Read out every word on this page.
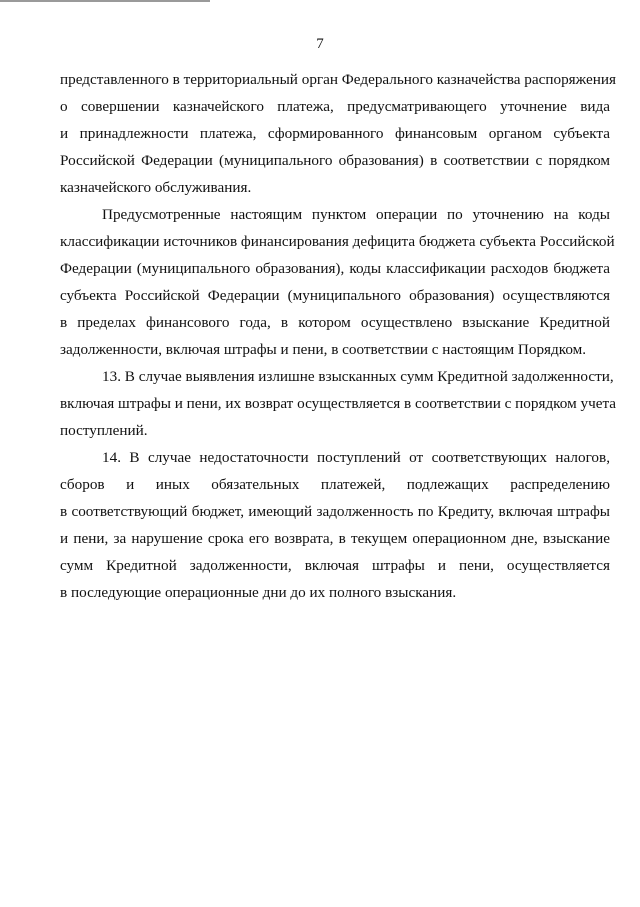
7
представленного в территориальный орган Федерального казначейства распоряжения
о совершении казначейского платежа, предусматривающего уточнение вида
и принадлежности платежа, сформированного финансовым органом субъекта
Российской Федерации (муниципального образования) в соответствии с порядком
казначейского обслуживания.
Предусмотренные настоящим пунктом операции по уточнению на коды
классификации источников финансирования дефицита бюджета субъекта Российской
Федерации (муниципального образования), коды классификации расходов бюджета
субъекта Российской Федерации (муниципального образования) осуществляются
в пределах финансового года, в котором осуществлено взыскание Кредитной
задолженности, включая штрафы и пени, в соответствии с настоящим Порядком.
13. В случае выявления излишне взысканных сумм Кредитной задолженности,
включая штрафы и пени, их возврат осуществляется в соответствии с порядком учета
поступлений.
14. В случае недостаточности поступлений от соответствующих налогов,
сборов и иных обязательных платежей, подлежащих распределению
в соответствующий бюджет, имеющий задолженность по Кредиту, включая штрафы
и пени, за нарушение срока его возврата, в текущем операционном дне, взыскание
сумм Кредитной задолженности, включая штрафы и пени, осуществляется
в последующие операционные дни до их полного взыскания.
